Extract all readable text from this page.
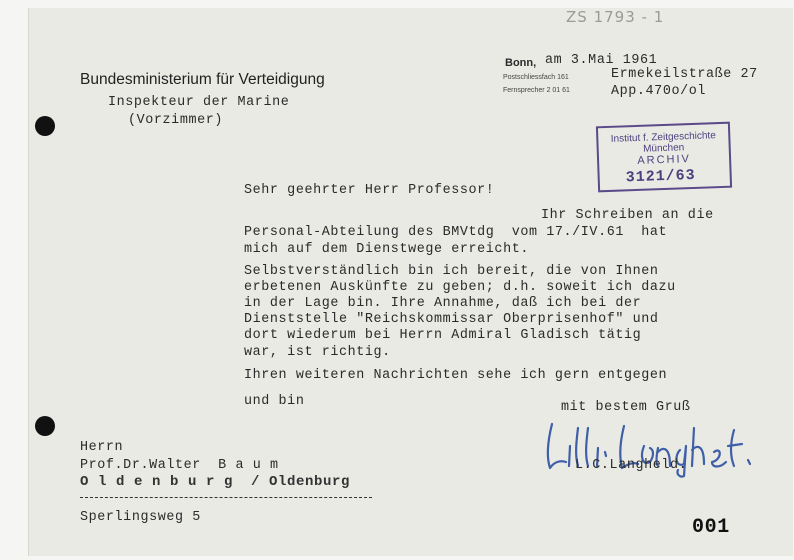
ZS 1793 - 1
Bundesministerium für Verteidigung
Inspekteur der Marine
(Vorzimmer)
Bonn, am 3.Mai 1961
Postschliessfach 161
Fernsprecher 2 01 61
Ermekeilstraße 27
App.470o/ol
Institut f. Zeitgeschichte
München
ARCHIV
3121/63
Sehr geehrter Herr Professor!
Ihr Schreiben an die
Personal-Abteilung des BMVtdg  vom 17./IV.61  hat
mich auf dem Dienstwege erreicht.
Selbstverständlich bin ich bereit, die von Ihnen
erbetenen Auskünfte zu geben; d.h. soweit ich dazu
in der Lage bin. Ihre Annahme, daß ich bei der
Dienststelle "Reichskommissar Oberprisenhof" und
dort wiederum bei Herrn Admiral Gladisch tätig
war, ist richtig.
Ihren weiteren Nachrichten sehe ich gern entgegen
und bin	mit bestem Gruß
L.C.Langheld.
Herrn
Prof.Dr.Walter  B a u m
O l d e n b u r g  / Oldenburg
Sperlingsweg 5	001
